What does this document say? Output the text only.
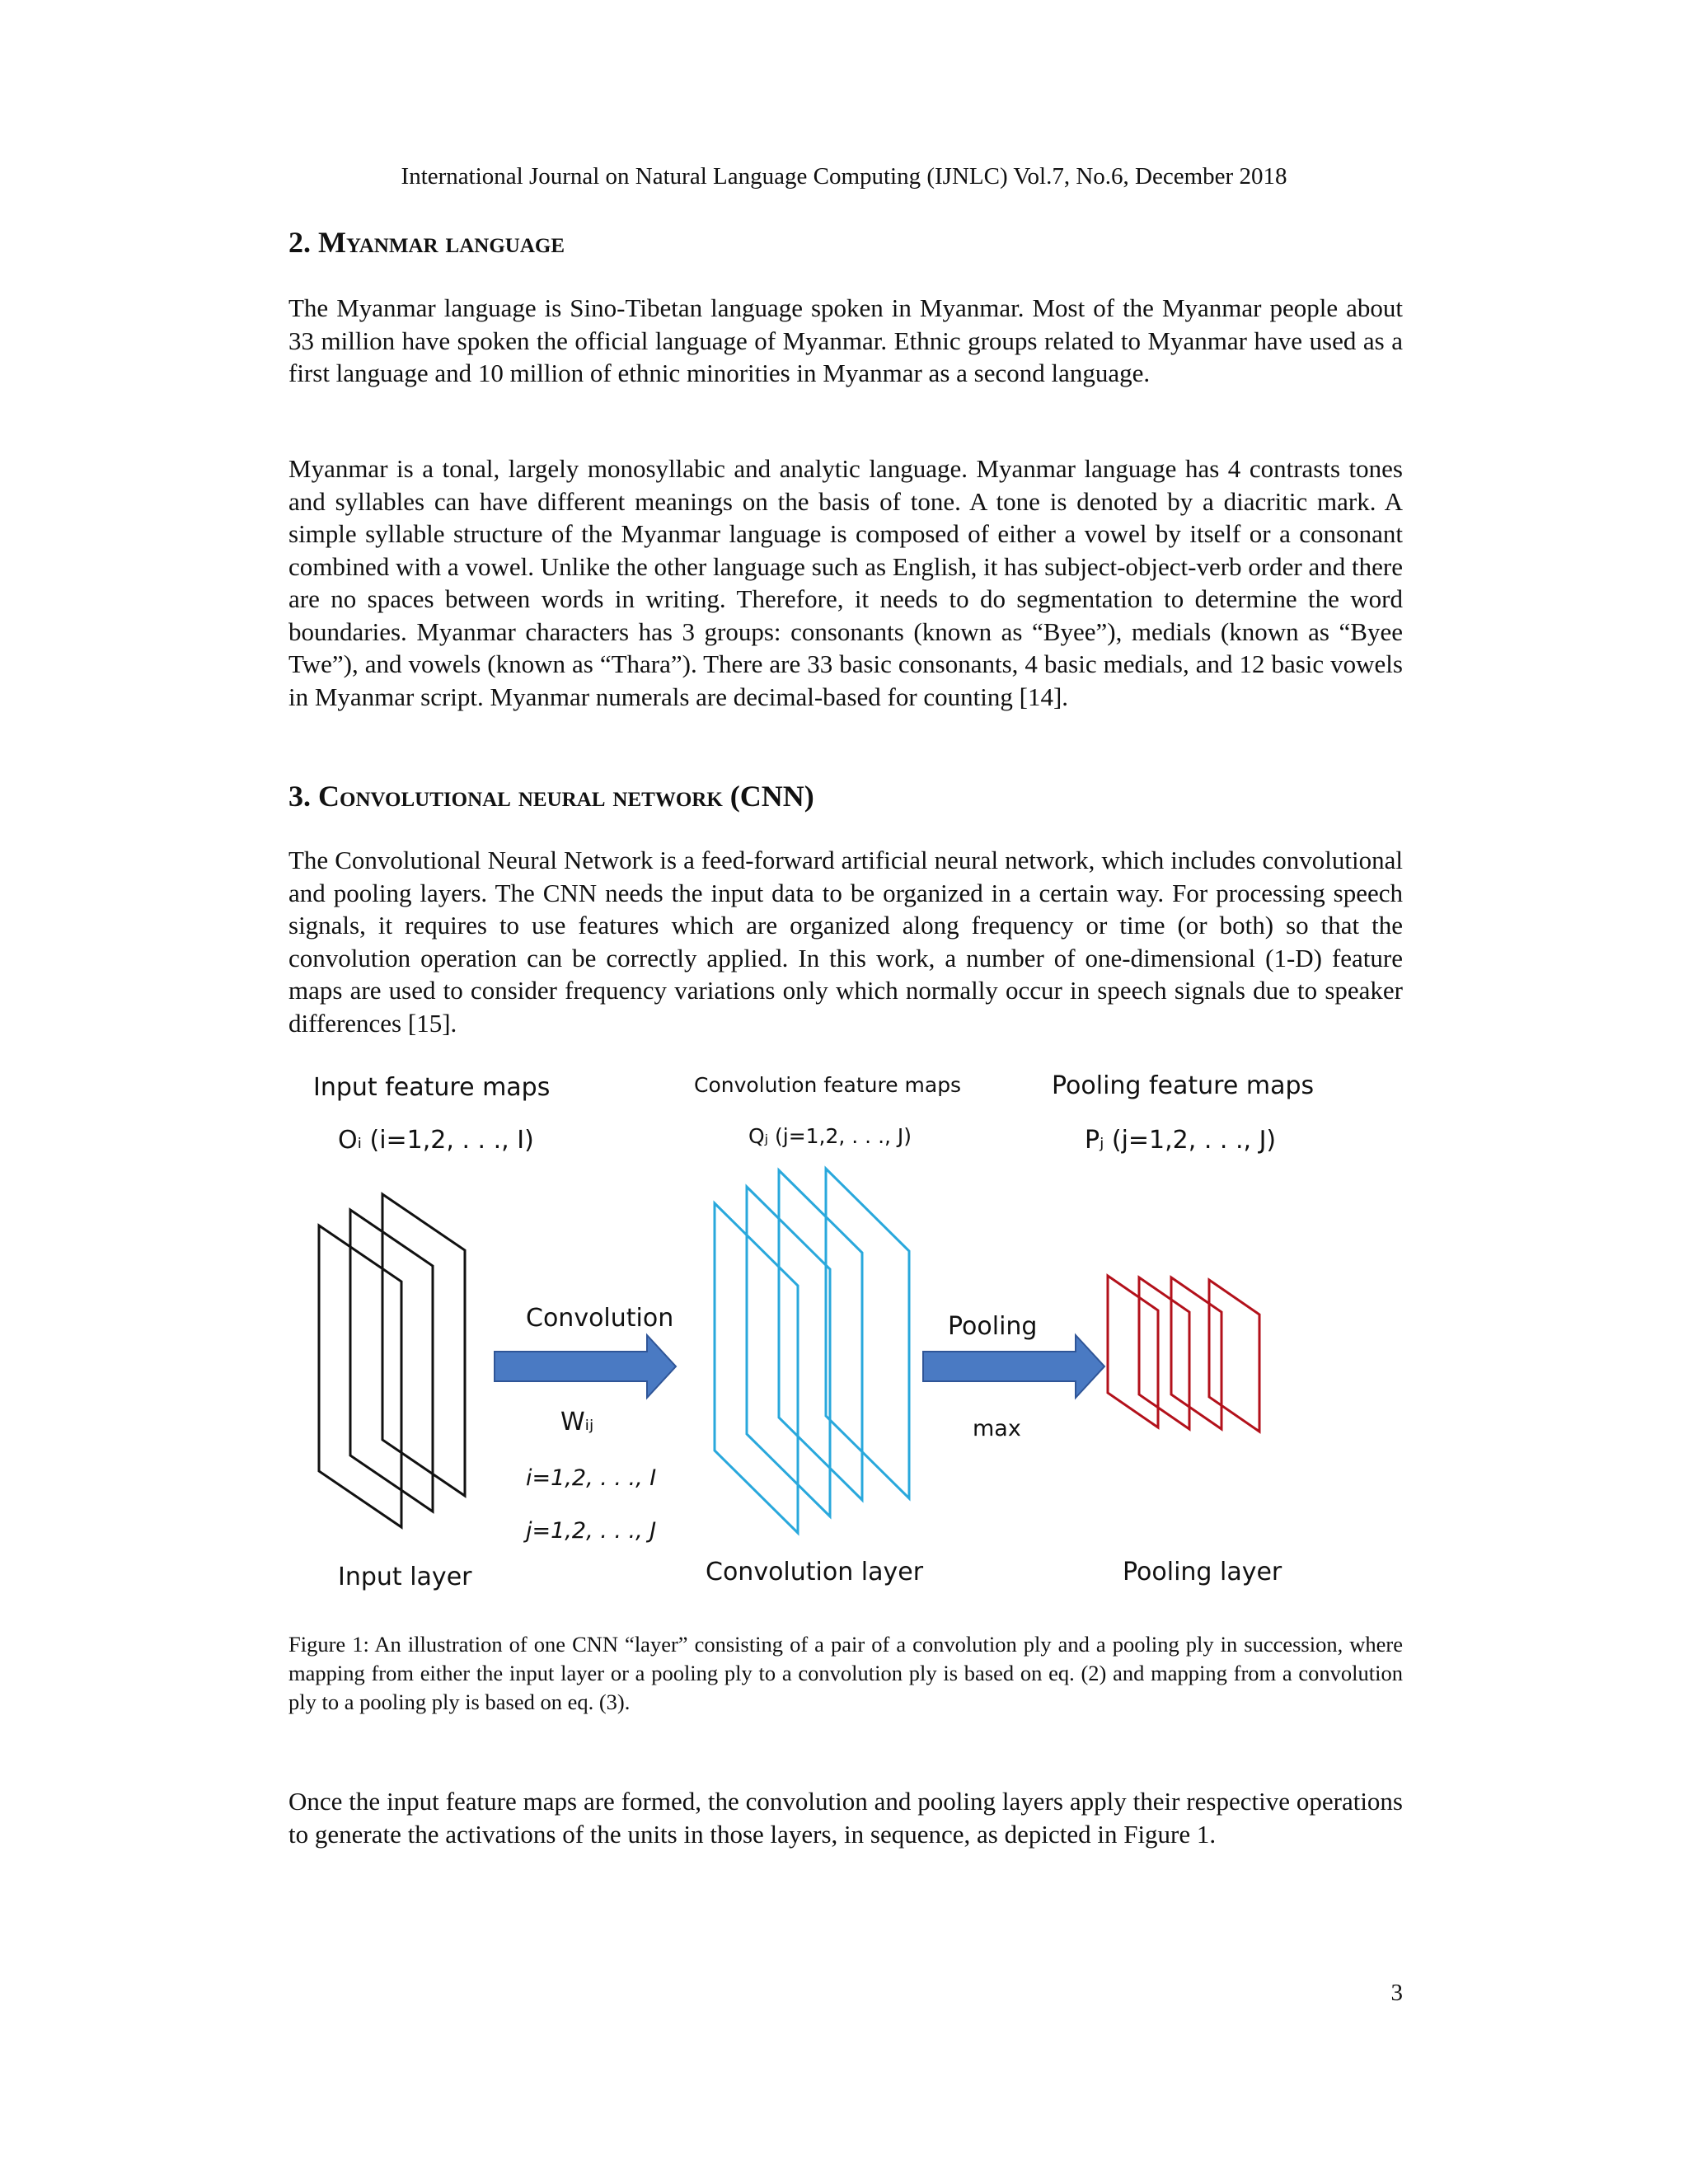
International Journal on Natural Language Computing (IJNLC) Vol.7, No.6, December 2018
2. Myanmar language

The Myanmar language is Sino-Tibetan language spoken in Myanmar. Most of the Myanmar people about 33 million have spoken the official language of Myanmar. Ethnic groups related to Myanmar have used as a first language and 10 million of ethnic minorities in Myanmar as a second language.

Myanmar is a tonal, largely monosyllabic and analytic language. Myanmar language has 4 contrasts tones and syllables can have different meanings on the basis of tone. A tone is denoted by a diacritic mark. A simple syllable structure of the Myanmar language is composed of either a vowel by itself or a consonant combined with a vowel. Unlike the other language such as English, it has subject-object-verb order and there are no spaces between words in writing. Therefore, it needs to do segmentation to determine the word boundaries. Myanmar characters has 3 groups: consonants (known as “Byee”), medials (known as “Byee Twe”), and vowels (known as “Thara”). There are 33 basic consonants, 4 basic medials, and 12 basic vowels in Myanmar script. Myanmar numerals are decimal-based for counting [14].

3. Convolutional neural network (CNN)

The Convolutional Neural Network is a feed-forward artificial neural network, which includes convolutional and pooling layers. The CNN needs the input data to be organized in a certain way. For processing speech signals, it requires to use features which are organized along frequency or time (or both) so that the convolution operation can be correctly applied. In this work, a number of one-dimensional (1-D) feature maps are used to consider frequency variations only which normally occur in speech signals due to speaker differences [15].

Input feature maps
Oᵢ (i=1,2, . . ., I)
Convolution feature maps
Qⱼ (j=1,2, . . ., J)
Pooling feature maps
Pⱼ (j=1,2, . . ., J)
Convolution
Wᵢⱼ
i=1,2, . . ., I
j=1,2, . . ., J
Pooling
max
Input layer	Convolution layer	Pooling layer

Figure 1: An illustration of one CNN “layer” consisting of a pair of a convolution ply and a pooling ply in succession, where mapping from either the input layer or a pooling ply to a convolution ply is based on eq. (2) and mapping from a convolution ply to a pooling ply is based on eq. (3).

Once the input feature maps are formed, the convolution and pooling layers apply their respective operations to generate the activations of the units in those layers, in sequence, as depicted in Figure 1.

3
